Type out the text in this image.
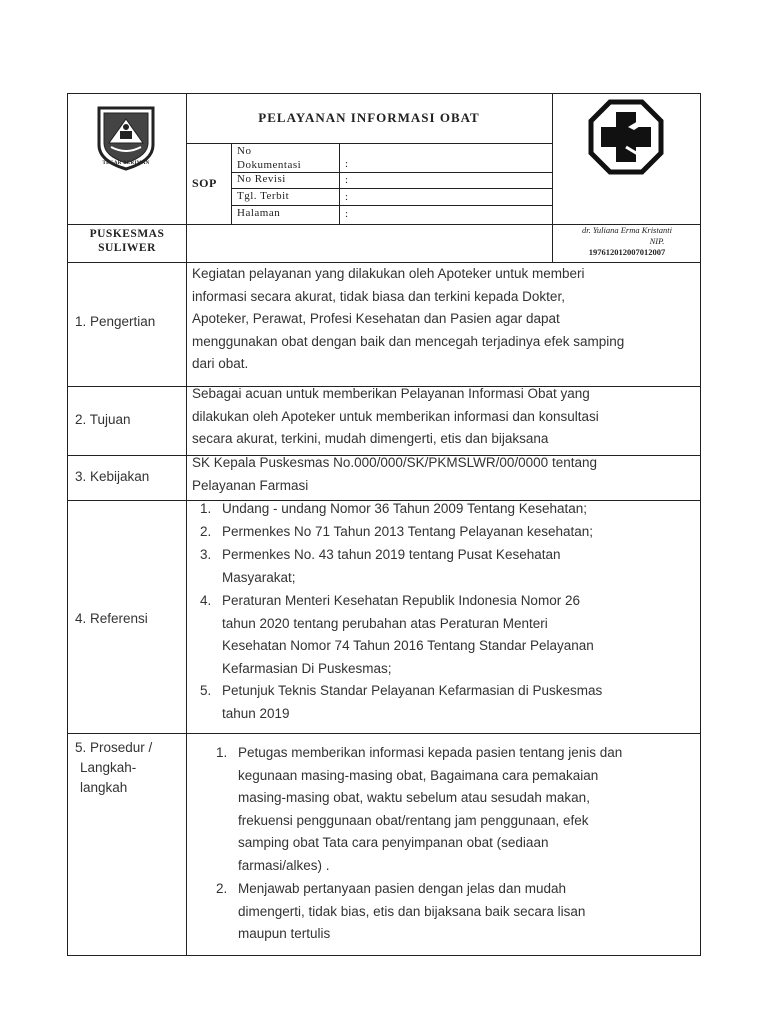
TEGAR BERIMAN
PELAYANAN INFORMASI OBAT
SOP
No
Dokumentasi	:
No Revisi	:
Tgl. Terbit	:
Halaman	:
PUSKESMAS
SULIWER
dr. Yuliana Erma Kristanti
NIP.
197612012007012007
1. Pengertian
Kegiatan pelayanan yang dilakukan oleh Apoteker untuk memberi
informasi secara akurat, tidak biasa dan terkini kepada Dokter,
Apoteker, Perawat, Profesi Kesehatan dan Pasien agar dapat
menggunakan obat dengan baik dan mencegah terjadinya efek samping
dari obat.
2. Tujuan
Sebagai acuan untuk memberikan Pelayanan Informasi Obat yang
dilakukan oleh Apoteker untuk memberikan informasi dan konsultasi
secara akurat, terkini, mudah dimengerti, etis dan bijaksana
3. Kebijakan
SK Kepala Puskesmas No.000/000/SK/PKMSLWR/00/0000 tentang
Pelayanan Farmasi
4. Referensi
1. Undang - undang Nomor 36 Tahun 2009 Tentang Kesehatan;
2. Permenkes No 71 Tahun 2013 Tentang Pelayanan kesehatan;
3. Permenkes No. 43 tahun 2019 tentang Pusat Kesehatan
Masyarakat;
4. Peraturan Menteri Kesehatan Republik Indonesia Nomor 26
tahun 2020 tentang perubahan atas Peraturan Menteri
Kesehatan Nomor 74 Tahun 2016 Tentang Standar Pelayanan
Kefarmasian Di Puskesmas;
5. Petunjuk Teknis Standar Pelayanan Kefarmasian di Puskesmas
tahun 2019
5. Prosedur /
Langkah-
langkah
1. Petugas memberikan informasi kepada pasien tentang jenis dan
kegunaan masing-masing obat, Bagaimana cara pemakaian
masing-masing obat, waktu sebelum atau sesudah makan,
frekuensi penggunaan obat/rentang jam penggunaan, efek
samping obat Tata cara penyimpanan obat (sediaan
farmasi/alkes) .
2. Menjawab pertanyaan pasien dengan jelas dan mudah
dimengerti, tidak bias, etis dan bijaksana baik secara lisan
maupun tertulis
